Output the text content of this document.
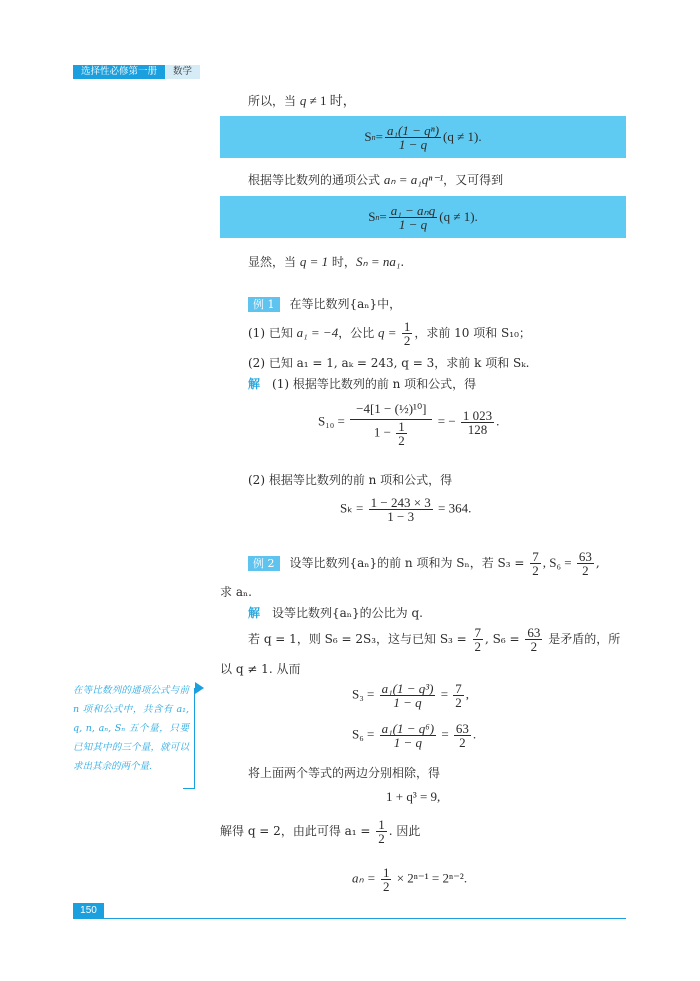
选择性必修第一册	数学
所以，当 q ≠ 1 时，
S $n = \frac{\text{a₁(1 − qⁿ)}}{1 - q} (q \ne 1)$.
根据等比数列的通项公式 aₙ = a₁qⁿ⁻¹，又可得到
S $n = \frac{\text{a₁ − aₙq}}{1 - q} (q \ne 1)$.
显然，当 q = 1 时，Sₙ = na₁.
例 1 在等比数列{aₙ}中，
(1) 已知 a₁ = −4，公比 $q = \frac{1}{2}$ ，求前 10 项和 S₁₀；
(2) 已知 a₁ = 1, aₖ = 243, q = 3，求前 k 项和 Sₖ.
解 (1) 根据等比数列的前 n 项和公式，得
$S_{10} = \frac{\text{−4[1 − (½)¹⁰]}}{1 - \frac{1}{2}}$ = − $\frac{1 023}{128}$ .
(2) 根据等比数列的前 n 项和公式，得
$S_k = \frac{1 - 243 \times 3}{1 - 3} = 364$.
例 2 设等比数列{aₙ}的前 n 项和为 Sₙ，若 $S_3 = \frac{7}{2}$ , $S_6 = \frac{63}{2}$ ,
求 aₙ.
解 设等比数列{aₙ}的公比为 q.
若 q = 1，则 S₆ = 2S₃，这与已知 $S_3 = \frac{7}{2}$ , $S_6 = \frac{63}{2}$ 是矛盾的，所
以 q ≠ 1. 从而
$S_3 = \frac{\text{a₁(1 − q³)}}{1 - q} = \frac{7}{2}$ ,
$S_6 = \frac{\text{a₁(1 − q⁶)}}{1 - q} = \frac{63}{2}$ .
将上面两个等式的两边分别相除，得
1 + q³ = 9,
解得 q = 2，由此可得 $a_1 = \frac{1}{2}$ . 因此
$a_n = \frac{1}{2} \times 2^{n-1} = 2^{n-2}$.
在等比数列的通项公式与前 n 项和公式中，共含有 a₁, q, n, aₙ, Sₙ 五个量，只要已知其中的三个量，就可以求出其余的两个量.
150
